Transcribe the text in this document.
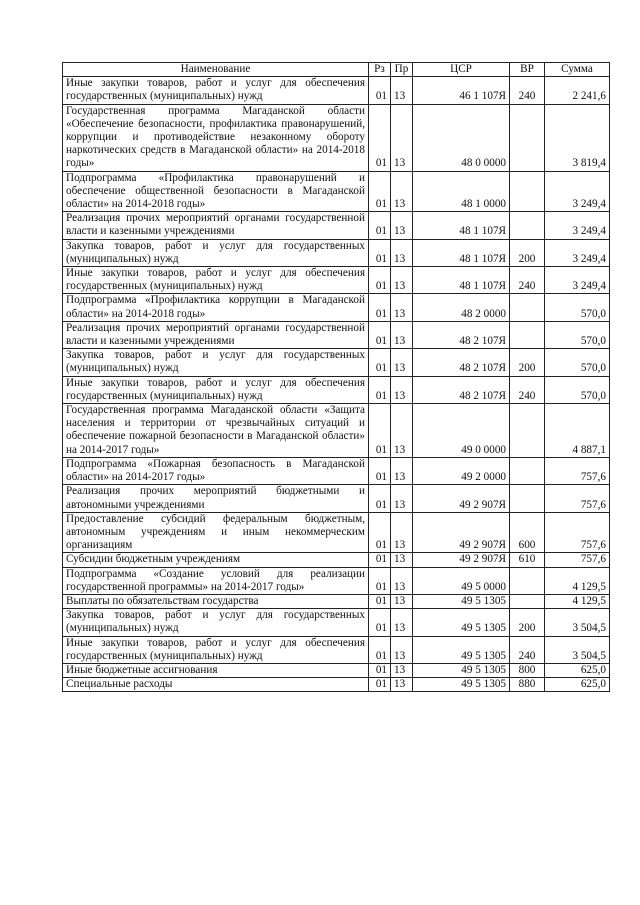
Наименование	Рз	Пр	ЦСР	ВР	Сумма
Иные закупки товаров, работ и услуг для обеспечения государственных (муниципальных) нужд	01	13	46 1 107Я	240	2 241,6
Государственная программа Магаданской области «Обеспечение безопасности, профилактика правонарушений, коррупции и противодействие незаконному обороту наркотических средств в Магаданской области» на 2014-2018 годы»	01	13	48 0 0000		3 819,4
Подпрограмма «Профилактика правонарушений и обеспечение общественной безопасности в Магаданской области» на 2014-2018 годы»	01	13	48 1 0000		3 249,4
Реализация прочих мероприятий органами государственной власти и казенными учреждениями	01	13	48 1 107Я		3 249,4
Закупка товаров, работ и услуг для государственных (муниципальных) нужд	01	13	48 1 107Я	200	3 249,4
Иные закупки товаров, работ и услуг для обеспечения государственных (муниципальных) нужд	01	13	48 1 107Я	240	3 249,4
Подпрограмма «Профилактика коррупции в Магаданской области» на 2014-2018 годы»	01	13	48 2 0000		570,0
Реализация прочих мероприятий органами государственной власти и казенными учреждениями	01	13	48 2 107Я		570,0
Закупка товаров, работ и услуг для государственных (муниципальных) нужд	01	13	48 2 107Я	200	570,0
Иные закупки товаров, работ и услуг для обеспечения государственных (муниципальных) нужд	01	13	48 2 107Я	240	570,0
Государственная программа Магаданской области «Защита населения и территории от чрезвычайных ситуаций и обеспечение пожарной безопасности в Магаданской области» на 2014-2017 годы»	01	13	49 0 0000		4 887,1
Подпрограмма «Пожарная безопасность в Магаданской области» на 2014-2017 годы»	01	13	49 2 0000		757,6
Реализация прочих мероприятий бюджетными и автономными учреждениями	01	13	49 2 907Я		757,6
Предоставление субсидий федеральным бюджетным, автономным учреждениям и иным некоммерческим организациям	01	13	49 2 907Я	600	757,6
Субсидии бюджетным учреждениям	01	13	49 2 907Я	610	757,6
Подпрограмма «Создание условий для реализации государственной программы» на 2014-2017 годы»	01	13	49 5 0000		4 129,5
Выплаты по обязательствам государства	01	13	49 5 1305		4 129,5
Закупка товаров, работ и услуг для государственных (муниципальных) нужд	01	13	49 5 1305	200	3 504,5
Иные закупки товаров, работ и услуг для обеспечения государственных (муниципальных) нужд	01	13	49 5 1305	240	3 504,5
Иные бюджетные ассигнования	01	13	49 5 1305	800	625,0
Специальные расходы	01	13	49 5 1305	880	625,0
